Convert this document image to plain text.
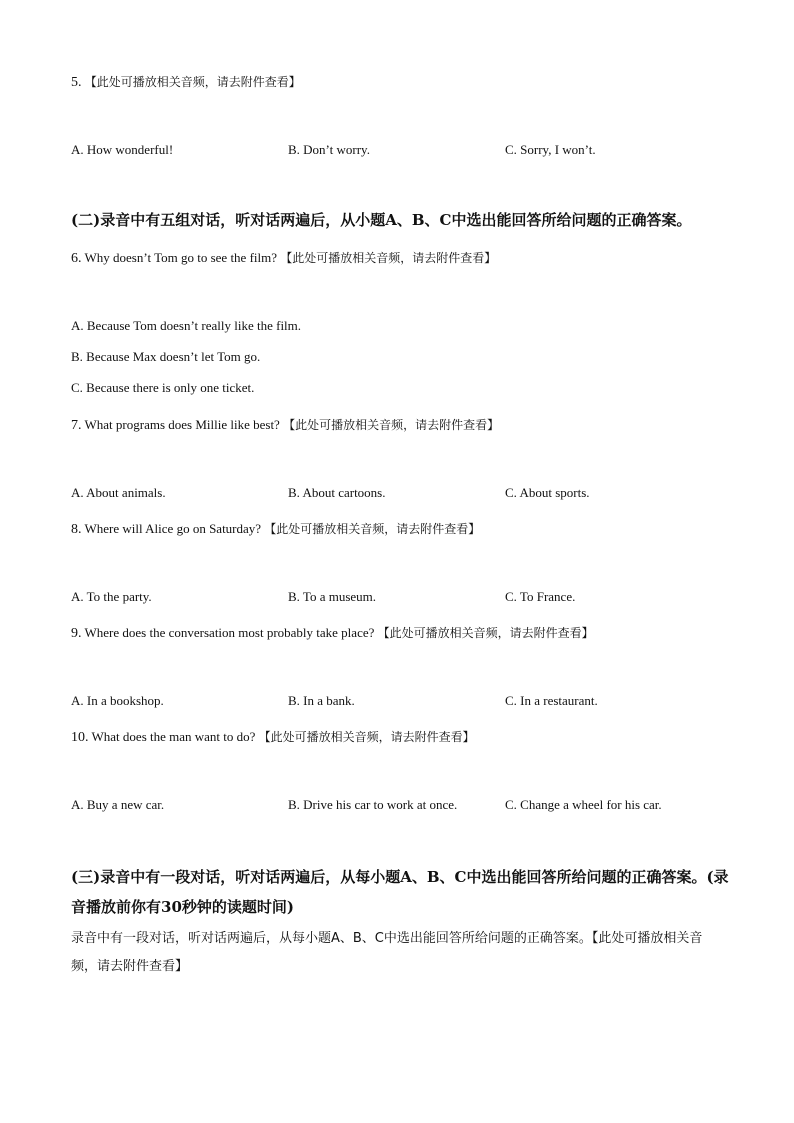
5. 【此处可播放相关音频，请去附件查看】
A. How wonderful!	B. Don’t worry.	C. Sorry, I won’t.
(二)录音中有五组对话，听对话两遍后，从小题A、B、C中选出能回答所给问题的正确答案。
6. Why doesn’t Tom go to see the film? 【此处可播放相关音频，请去附件查看】
A. Because Tom doesn’t really like the film.
B. Because Max doesn’t let Tom go.
C. Because there is only one ticket.
7. What programs does Millie like best? 【此处可播放相关音频，请去附件查看】
A. About animals.	B. About cartoons.	C. About sports.
8. Where will Alice go on Saturday? 【此处可播放相关音频，请去附件查看】
A. To the party.	B. To a museum.	C. To France.
9. Where does the conversation most probably take place? 【此处可播放相关音频，请去附件查看】
A. In a bookshop.	B. In a bank.	C. In a restaurant.
10. What does the man want to do? 【此处可播放相关音频，请去附件查看】
A. Buy a new car.	B. Drive his car to work at once.	C. Change a wheel for his car.
(三)录音中有一段对话，听对话两遍后，从每小题A、B、C中选出能回答所给问题的正确答案。(录音播放前你有30秒钟的读题时间)
录音中有一段对话，听对话两遍后，从每小题A、B、C中选出能回答所给问题的正确答案。【此处可播放相关音频，请去附件查看】
